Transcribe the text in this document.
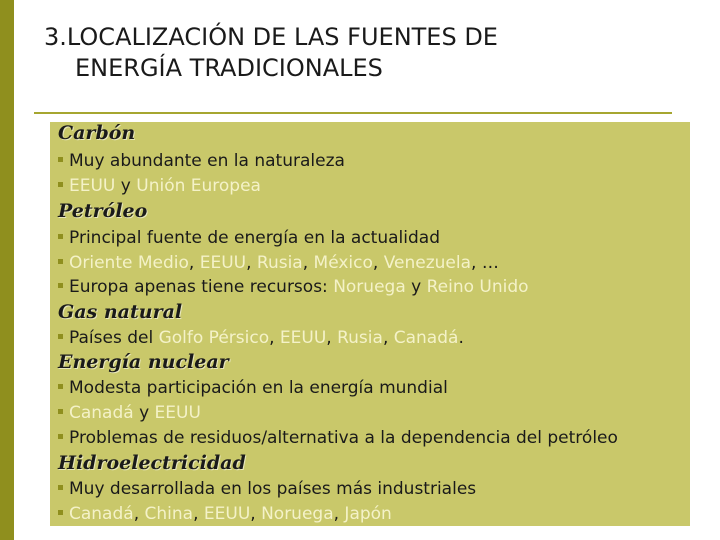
3.LOCALIZACIÓN DE LAS FUENTES DE
ENERGÍA TRADICIONALES
Carbón
Muy abundante en la naturaleza
EEUU y Unión Europea
Petróleo
Principal fuente de energía en la actualidad
Oriente Medio, EEUU, Rusia, México, Venezuela, …
Europa apenas tiene recursos: Noruega y Reino Unido
Gas natural
Países del Golfo Pérsico, EEUU, Rusia, Canadá.
Energía nuclear
Modesta participación en la energía mundial
Canadá y EEUU
Problemas de residuos/alternativa a la dependencia del petróleo
Hidroelectricidad
Muy desarrollada en los países más industriales
Canadá, China, EEUU, Noruega, Japón
